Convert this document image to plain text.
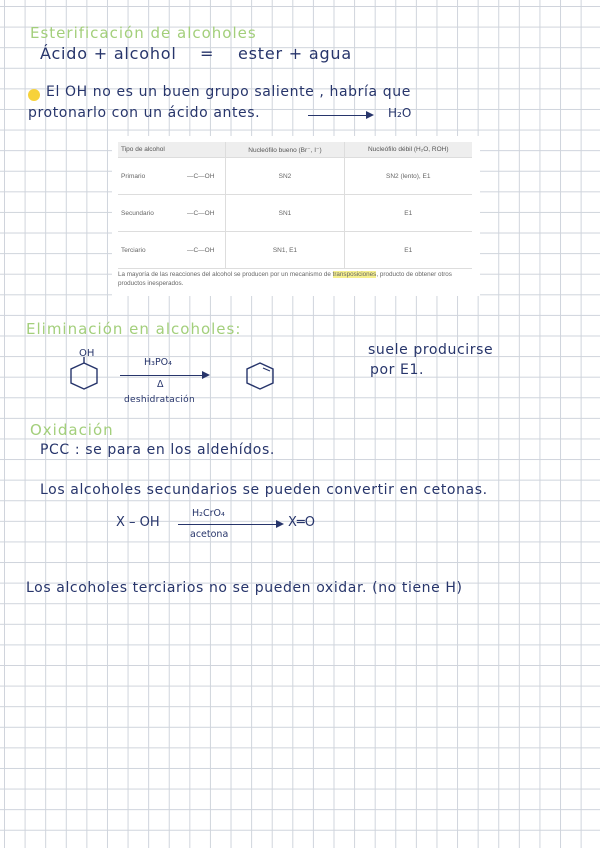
Esterificación de alcoholes
Ácido + alcohol = ester + agua
El OH no es un buen grupo saliente , habría que
protonarlo con un ácido antes.	→ H₂O
Tipo de alcohol		Nucleófilo bueno (Br⁻, I⁻)	Nucleófilo débil (H₂O, ROH)
Primario	—C—OH	SN2	SN2 (lento), E1
Secundario	—C—OH	SN1	E1
Terciario	—C—OH	SN1, E1	E1
La mayoría de las reacciones del alcohol se producen por un mecanismo de transposiciones, producto de obtener otros productos inesperados.
Eliminación en alcoholes:
OH
H₃PO₄
Δ
deshidratación
suele producirse
por E1.
Oxidación
PCC : se para en los aldehídos.
Los alcoholes secundarios se pueden convertir en cetonas.
X – OH
H₂CrO₄
acetona
X═O
Los alcoholes terciarios no se pueden oxidar. (no tiene H)
